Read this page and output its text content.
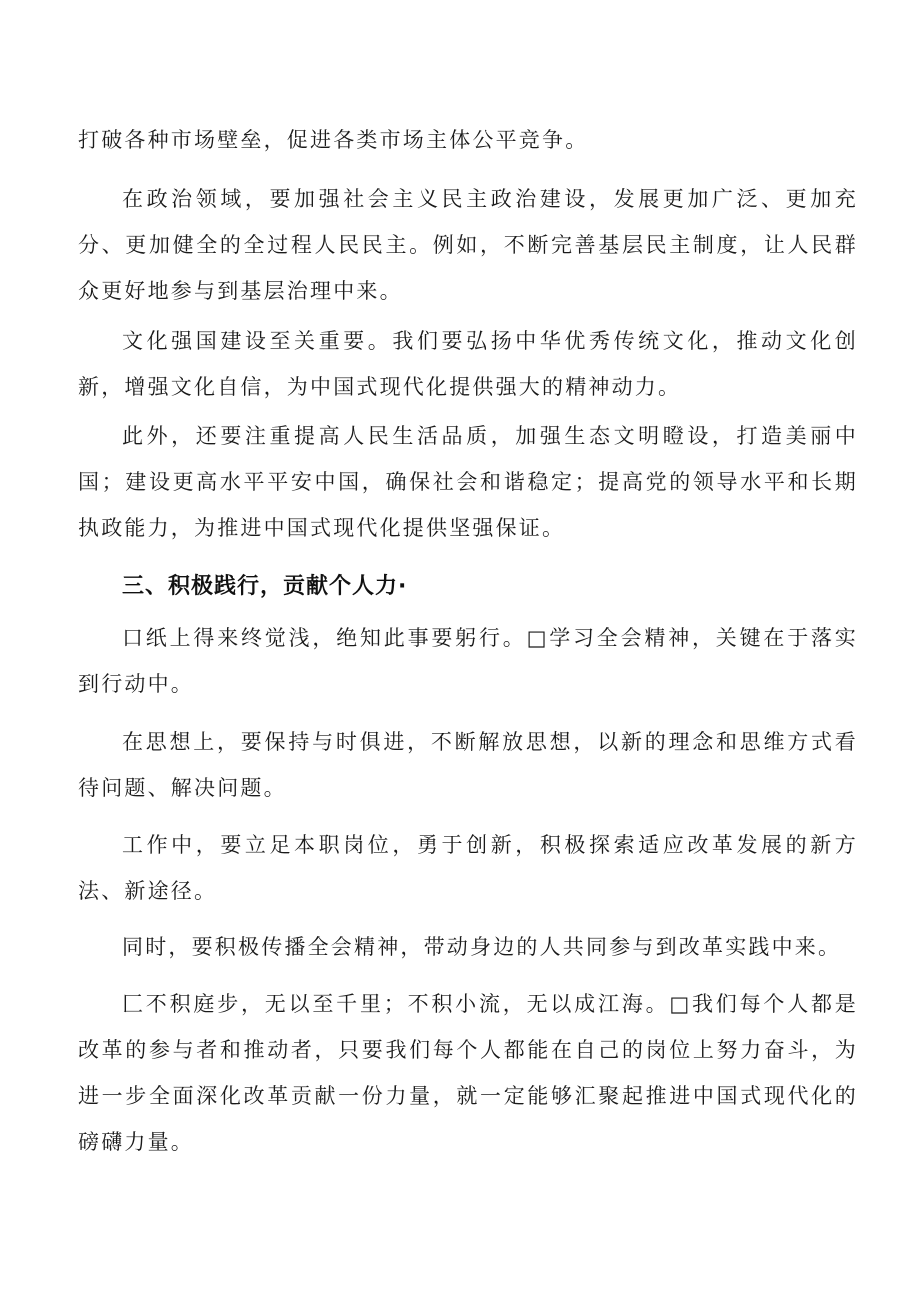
打破各种市场壁垒，促进各类市场主体公平竞争。

在政治领域，要加强社会主义民主政治建设，发展更加广泛、更加充分、更加健全的全过程人民民主。例如，不断完善基层民主制度，让人民群众更好地参与到基层治理中来。

文化强国建设至关重要。我们要弘扬中华优秀传统文化，推动文化创新，增强文化自信，为中国式现代化提供强大的精神动力。

此外，还要注重提高人民生活品质，加强生态文明瞪设，打造美丽中国；建设更高水平平安中国，确保社会和谐稳定；提高党的领导水平和长期执政能力，为推进中国式现代化提供坚强保证。

三、积极践行，贡献个人力·

口纸上得来终觉浅，绝知此事要躬行。□学习全会精神，关键在于落实到行动中。

在思想上，要保持与时俱进，不断解放思想，以新的理念和思维方式看待问题、解决问题。

工作中，要立足本职岗位，勇于创新，积极探索适应改革发展的新方法、新途径。

同时，要积极传播全会精神，带动身边的人共同参与到改革实践中来。

匚不积庭步，无以至千里；不积小流，无以成江海。□我们每个人都是改革的参与者和推动者，只要我们每个人都能在自己的岗位上努力奋斗，为进一步全面深化改革贡献一份力量，就一定能够汇聚起推进中国式现代化的磅礴力量。
